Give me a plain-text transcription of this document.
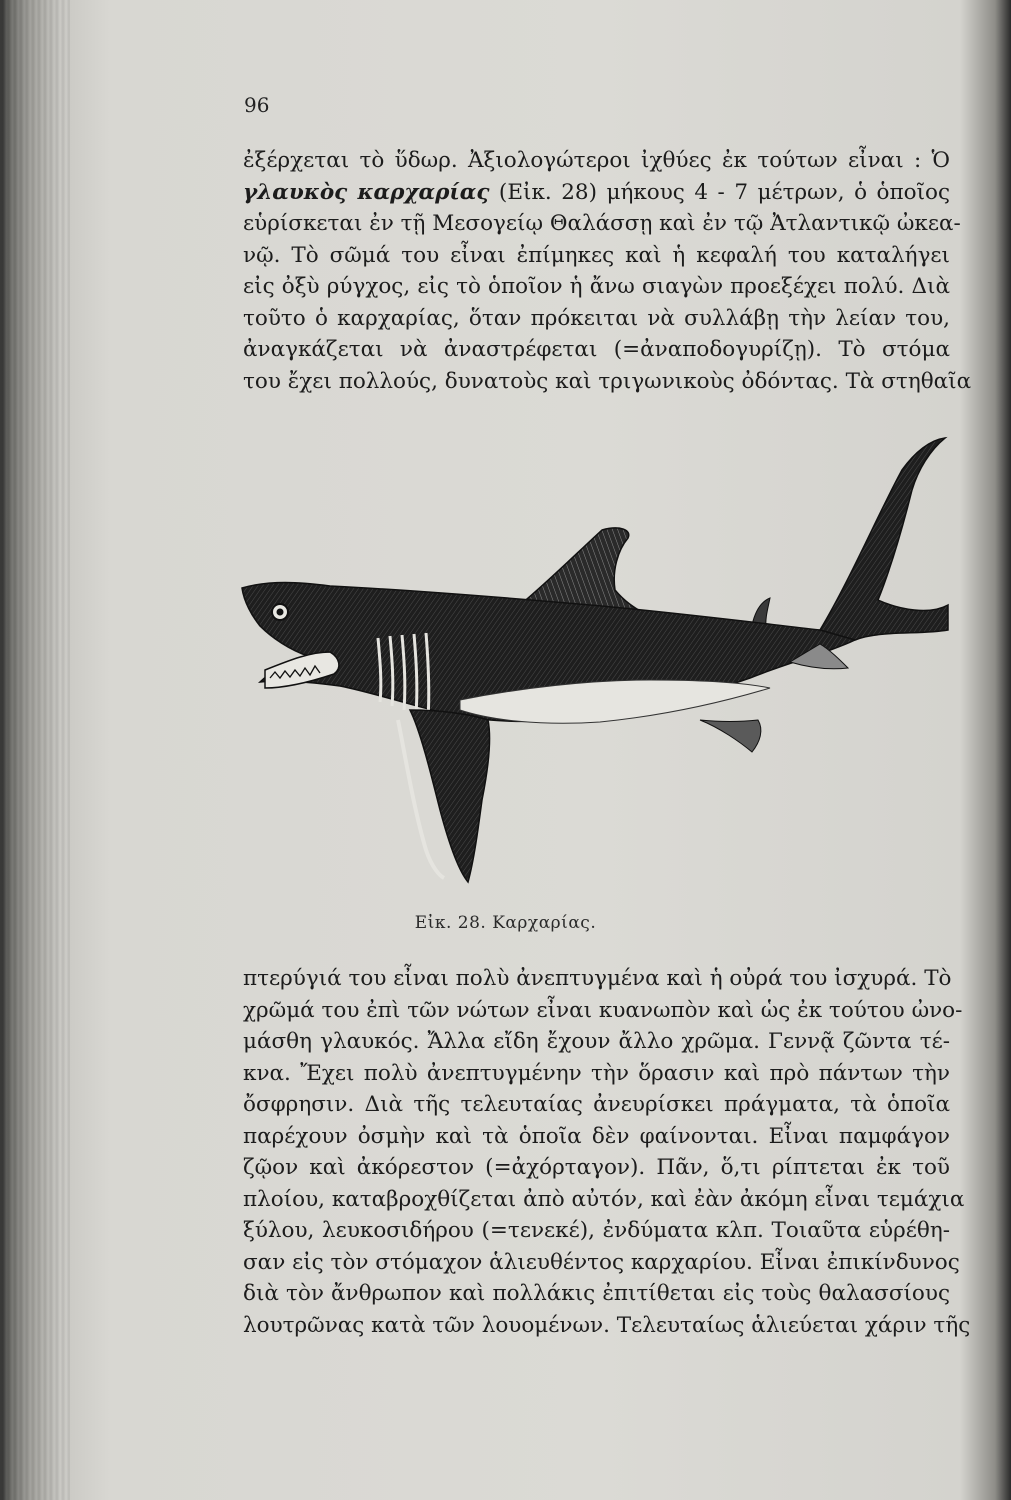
96
ἐξέρχεται τὸ ὕδωρ. Ἀξιολογώτεροι ἰχθύες ἐκ τούτων εἶναι : Ὁ
γλαυκὸς καρχαρίας (Εἰκ. 28) μήκους 4 - 7 μέτρων, ὁ ὁποῖος
εὑρίσκεται ἐν τῇ Μεσογείῳ Θαλάσσῃ καὶ ἐν τῷ Ἀτλαντικῷ ὠκεα-
νῷ. Τὸ σῶμά του εἶναι ἐπίμηκες καὶ ἡ κεφαλή του καταλήγει
εἰς ὀξὺ ρύγχος, εἰς τὸ ὁποῖον ἡ ἄνω σιαγὼν προεξέχει πολύ. Διὰ
τοῦτο ὁ καρχαρίας, ὅταν πρόκειται νὰ συλλάβῃ τὴν λείαν του,
ἀναγκάζεται νὰ ἀναστρέφεται (=ἀναποδογυρίζῃ). Τὸ στόμα
του ἔχει πολλούς, δυνατοὺς καὶ τριγωνικοὺς ὀδόντας. Τὰ στηθαῖα
Εἰκ. 28. Καρχαρίας.
πτερύγιά του εἶναι πολὺ ἀνεπτυγμένα καὶ ἡ οὐρά του ἰσχυρά. Τὸ
χρῶμά του ἐπὶ τῶν νώτων εἶναι κυανωπὸν καὶ ὡς ἐκ τούτου ὠνο-
μάσθη γλαυκός. Ἄλλα εἴδη ἔχουν ἄλλο χρῶμα. Γεννᾷ ζῶντα τέ-
κνα. Ἔχει πολὺ ἀνεπτυγμένην τὴν ὅρασιν καὶ πρὸ πάντων τὴν
ὄσφρησιν. Διὰ τῆς τελευταίας ἀνευρίσκει πράγματα, τὰ ὁποῖα
παρέχουν ὀσμὴν καὶ τὰ ὁποῖα δὲν φαίνονται. Εἶναι παμφάγον
ζῷον καὶ ἀκόρεστον (=ἀχόρταγον). Πᾶν, ὅ,τι ρίπτεται ἐκ τοῦ
πλοίου, καταβροχθίζεται ἀπὸ αὐτόν, καὶ ἐὰν ἀκόμη εἶναι τεμάχια
ξύλου, λευκοσιδήρου (=τενεκέ), ἐνδύματα κλπ. Τοιαῦτα εὑρέθη-
σαν εἰς τὸν στόμαχον ἁλιευθέντος καρχαρίου. Εἶναι ἐπικίνδυνος
διὰ τὸν ἄνθρωπον καὶ πολλάκις ἐπιτίθεται εἰς τοὺς θαλασσίους
λουτρῶνας κατὰ τῶν λουομένων. Τελευταίως ἁλιεύεται χάριν τῆς
